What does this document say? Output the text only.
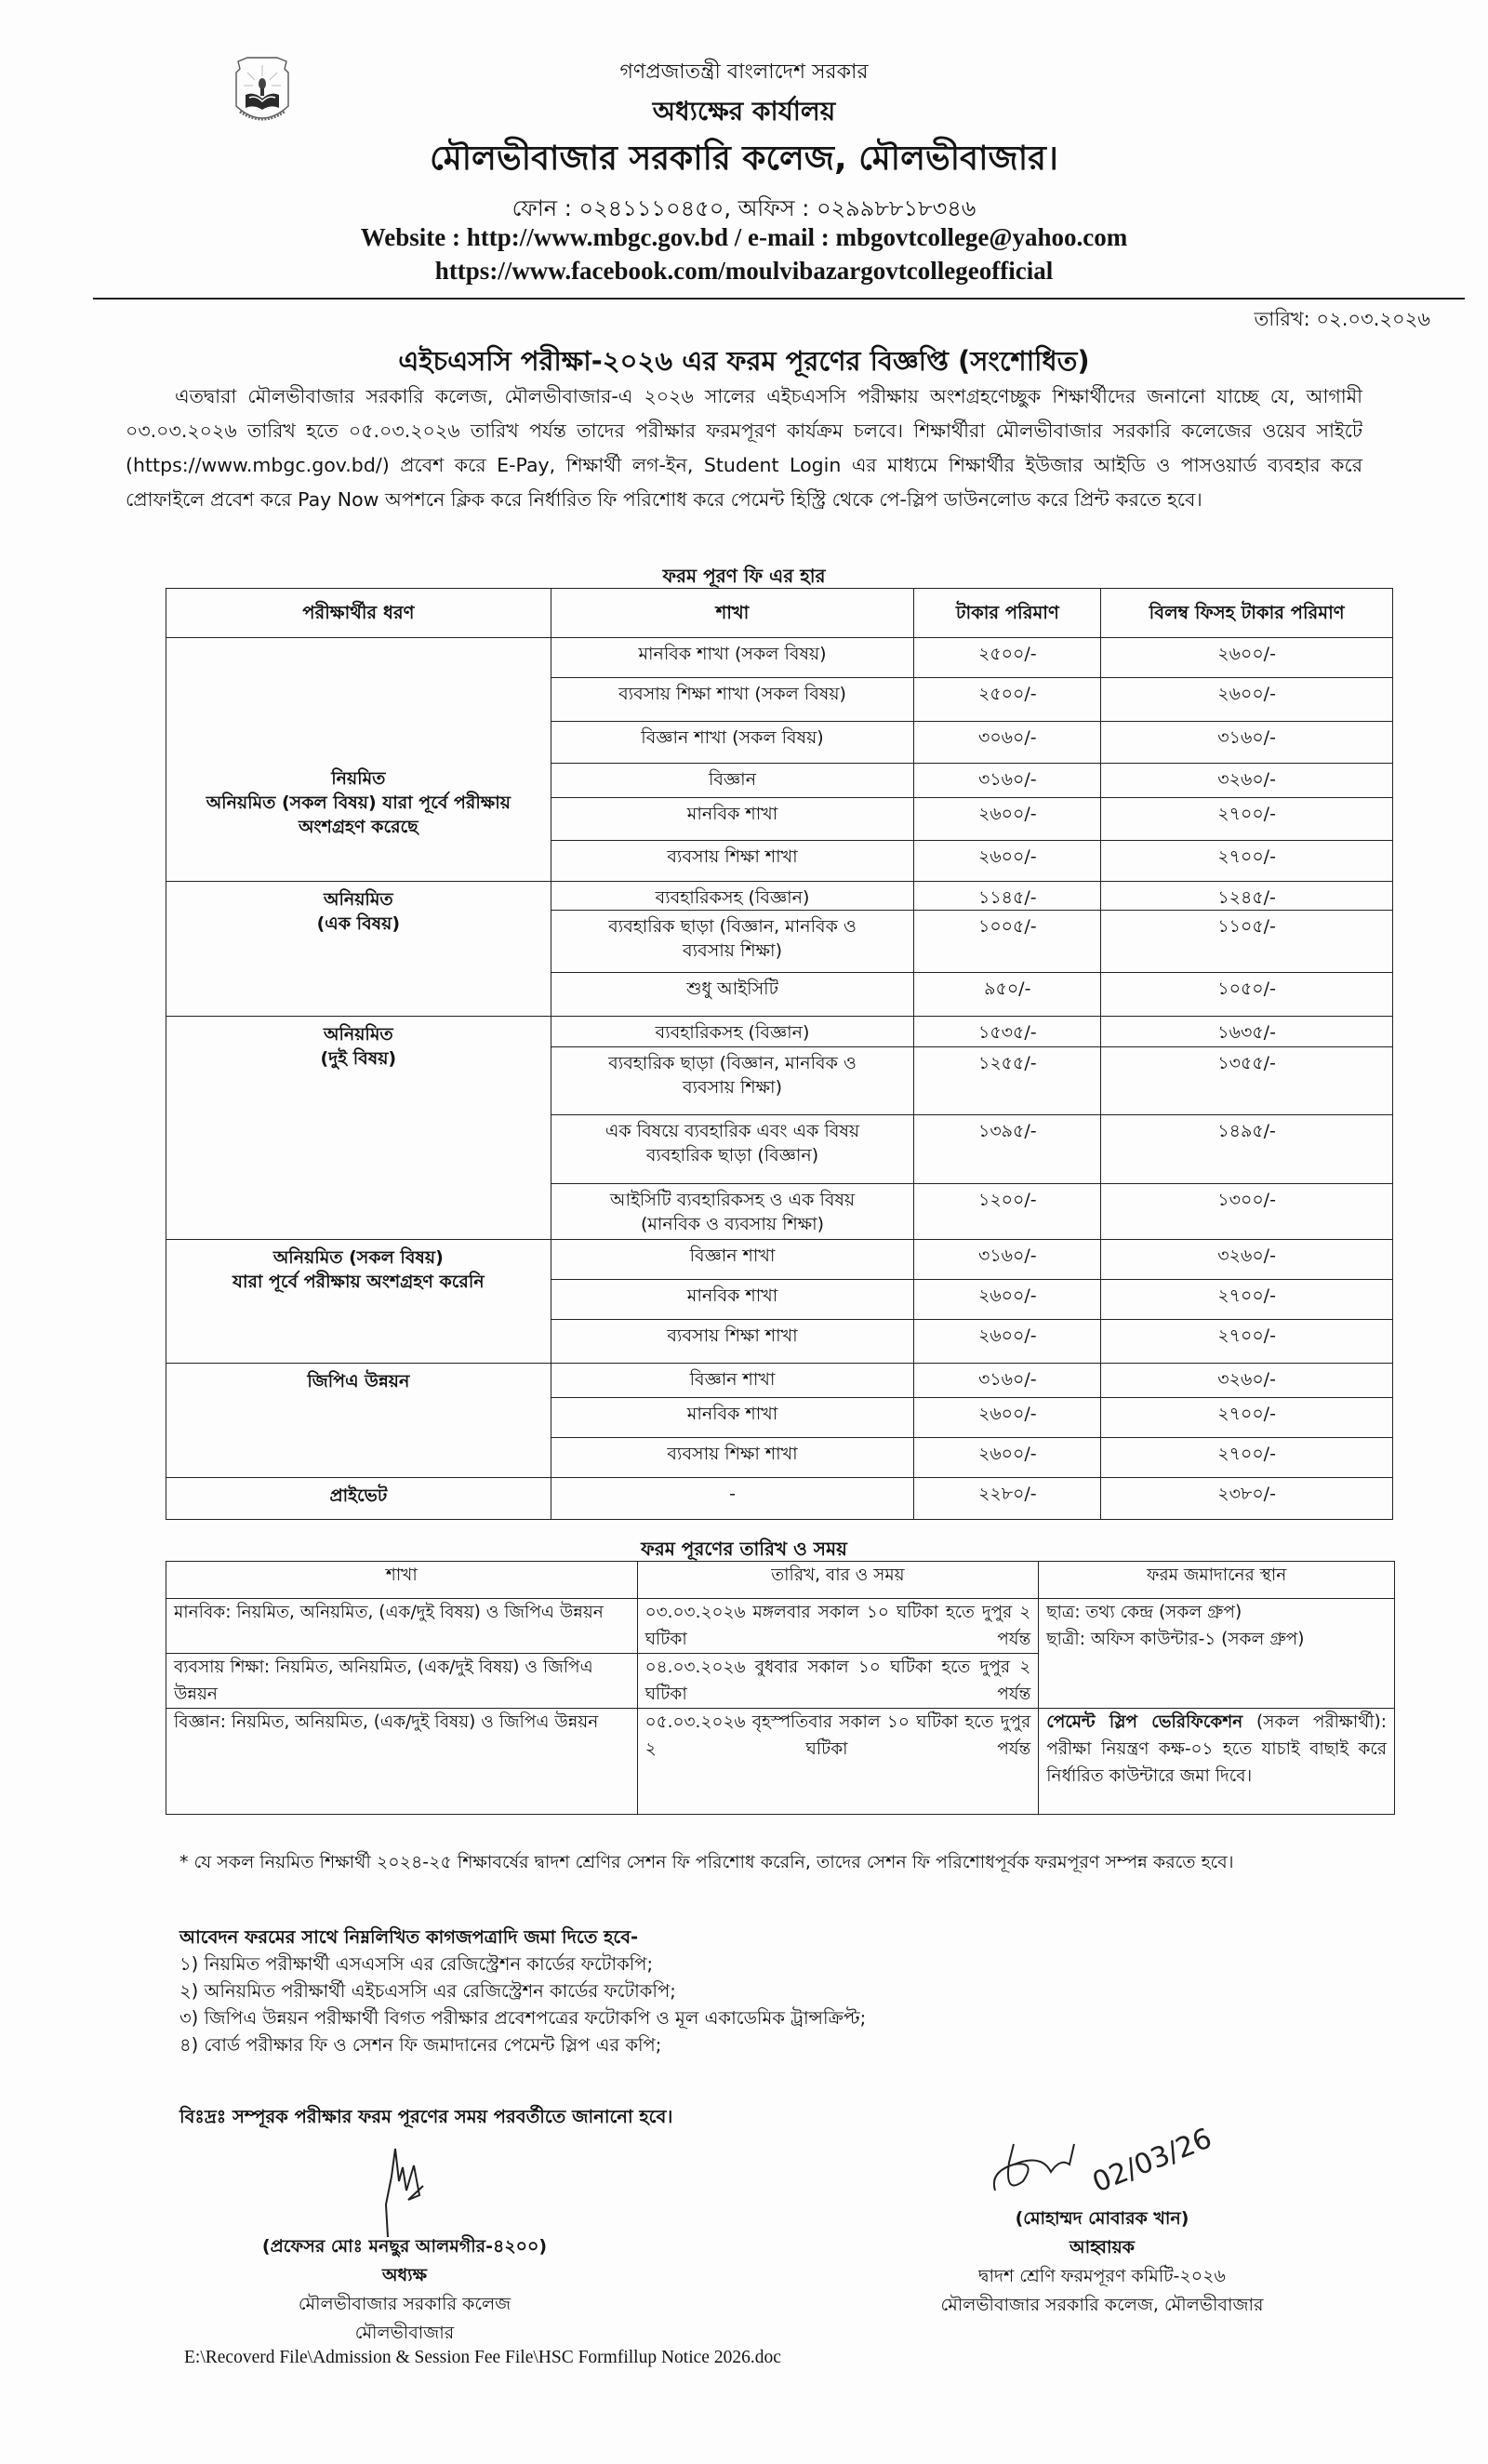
গণপ্রজাতন্ত্রী বাংলাদেশ সরকার
অধ্যক্ষের কার্যালয়
মৌলভীবাজার সরকারি কলেজ, মৌলভীবাজার।
ফোন : ০২৪১১১০৪৫০, অফিস : ০২৯৯৮৮১৮৩৪৬
Website : http://www.mbgc.gov.bd / e-mail : mbgovtcollege@yahoo.com
https://www.facebook.com/moulvibazargovtcollegeofficial
তারিখ: ০২.০৩.২০২৬
এইচএসসি পরীক্ষা-২০২৬ এর ফরম পূরণের বিজ্ঞপ্তি (সংশোধিত)
এতদ্বারা মৌলভীবাজার সরকারি কলেজ, মৌলভীবাজার-এ ২০২৬ সালের এইচএসসি পরীক্ষায় অংশগ্রহণেচ্ছুক শিক্ষার্থীদের জনানো যাচ্ছে যে, আগামী ০৩.০৩.২০২৬ তারিখ হতে ০৫.০৩.২০২৬ তারিখ পর্যন্ত তাদের পরীক্ষার ফরমপূরণ কার্যক্রম চলবে। শিক্ষার্থীরা মৌলভীবাজার সরকারি কলেজের ওয়েব সাইটে (https://www.mbgc.gov.bd/) প্রবেশ করে E-Pay, শিক্ষার্থী লগ-ইন, Student Login এর মাধ্যমে শিক্ষার্থীর ইউজার আইডি ও পাসওয়ার্ড ব্যবহার করে প্রোফাইলে প্রবেশ করে Pay Now অপশনে ক্লিক করে নির্ধারিত ফি পরিশোধ করে পেমেন্ট হিস্ট্রি থেকে পে-স্লিপ ডাউনলোড করে প্রিন্ট করতে হবে।
ফরম পূরণ ফি এর হার
পরীক্ষার্থীর ধরণ	শাখা	টাকার পরিমাণ	বিলম্ব ফিসহ টাকার পরিমাণ

নিয়মিত
অনিয়মিত (সকল বিষয়) যারা পূর্বে পরীক্ষায় অংশগ্রহণ করেছে	মানবিক শাখা (সকল বিষয়)	২৫০০/-	২৬০০/-
	ব্যবসায় শিক্ষা শাখা (সকল বিষয়)	২৫০০/-	২৬০০/-
	বিজ্ঞান শাখা (সকল বিষয়)	৩০৬০/-	৩১৬০/-
	বিজ্ঞান	৩১৬০/-	৩২৬০/-
	মানবিক শাখা	২৬০০/-	২৭০০/-
	ব্যবসায় শিক্ষা শাখা	২৬০০/-	২৭০০/-

অনিয়মিত
(এক বিষয়)	ব্যবহারিকসহ (বিজ্ঞান)	১১৪৫/-	১২৪৫/-
	ব্যবহারিক ছাড়া (বিজ্ঞান, মানবিক ও ব্যবসায় শিক্ষা)	১০০৫/-	১১০৫/-
	শুধু আইসিটি	৯৫০/-	১০৫০/-

অনিয়মিত
(দুই বিষয়)	ব্যবহারিকসহ (বিজ্ঞান)	১৫৩৫/-	১৬৩৫/-
	ব্যবহারিক ছাড়া (বিজ্ঞান, মানবিক ও ব্যবসায় শিক্ষা)	১২৫৫/-	১৩৫৫/-
	এক বিষয়ে ব্যবহারিক এবং এক বিষয় ব্যবহারিক ছাড়া (বিজ্ঞান)	১৩৯৫/-	১৪৯৫/-
	আইসিটি ব্যবহারিকসহ ও এক বিষয় (মানবিক ও ব্যবসায় শিক্ষা)	১২০০/-	১৩০০/-

অনিয়মিত (সকল বিষয়)
যারা পূর্বে পরীক্ষায় অংশগ্রহণ করেনি	বিজ্ঞান শাখা	৩১৬০/-	৩২৬০/-
	মানবিক শাখা	২৬০০/-	২৭০০/-
	ব্যবসায় শিক্ষা শাখা	২৬০০/-	২৭০০/-

জিপিএ উন্নয়ন	বিজ্ঞান শাখা	৩১৬০/-	৩২৬০/-
	মানবিক শাখা	২৬০০/-	২৭০০/-
	ব্যবসায় শিক্ষা শাখা	২৬০০/-	২৭০০/-

প্রাইভেট	-	২২৮০/-	২৩৮০/-
ফরম পূরণের তারিখ ও সময়
শাখা	তারিখ, বার ও সময়	ফরম জমাদানের স্থান
মানবিক: নিয়মিত, অনিয়মিত, (এক/দুই বিষয়) ও জিপিএ উন্নয়ন	০৩.০৩.২০২৬ মঙ্গলবার সকাল ১০ ঘটিকা হতে দুপুর ২ ঘটিকা পর্যন্ত	ছাত্র: তথ্য কেন্দ্র (সকল গ্রুপ)
ছাত্রী: অফিস কাউন্টার-১ (সকল গ্রুপ)

ব্যবসায় শিক্ষা: নিয়মিত, অনিয়মিত, (এক/দুই বিষয়) ও জিপিএ উন্নয়ন	০৪.০৩.২০২৬ বুধবার সকাল ১০ ঘটিকা হতে দুপুর ২ ঘটিকা পর্যন্ত	
বিজ্ঞান: নিয়মিত, অনিয়মিত, (এক/দুই বিষয়) ও জিপিএ উন্নয়ন	০৫.০৩.২০২৬ বৃহস্পতিবার সকাল ১০ ঘটিকা হতে দুপুর ২ ঘটিকা পর্যন্ত	পেমেন্ট স্লিপ ভেরিফিকেশন (সকল পরীক্ষার্থী): পরীক্ষা নিয়ন্ত্রণ কক্ষ-০১ হতে যাচাই বাছাই করে নির্ধারিত কাউন্টারে জমা দিবে।
* যে সকল নিয়মিত শিক্ষার্থী ২০২৪-২৫ শিক্ষাবর্ষের দ্বাদশ শ্রেণির সেশন ফি পরিশোধ করেনি, তাদের সেশন ফি পরিশোধপূর্বক ফরমপূরণ সম্পন্ন করতে হবে।
আবেদন ফরমের সাথে নিম্নলিখিত কাগজপত্রাদি জমা দিতে হবে-
১) নিয়মিত পরীক্ষার্থী এসএসসি এর রেজিস্ট্রেশন কার্ডের ফটোকপি;
২) অনিয়মিত পরীক্ষার্থী এইচএসসি এর রেজিস্ট্রেশন কার্ডের ফটোকপি;
৩) জিপিএ উন্নয়ন পরীক্ষার্থী বিগত পরীক্ষার প্রবেশপত্রের ফটোকপি ও মূল একাডেমিক ট্রান্সক্রিপ্ট;
৪) বোর্ড পরীক্ষার ফি ও সেশন ফি জমাদানের পেমেন্ট স্লিপ এর কপি;
বিঃদ্রঃ সম্পূরক পরীক্ষার ফরম পূরণের সময় পরবর্তীতে জানানো হবে।
(প্রফেসর মোঃ মনছুর আলমগীর-৪২০০)
অধ্যক্ষ
মৌলভীবাজার সরকারি কলেজ
মৌলভীবাজার
02/03/26
(মোহাম্মদ মোবারক খান)
আহ্বায়ক
দ্বাদশ শ্রেণি ফরমপূরণ কমিটি-২০২৬
মৌলভীবাজার সরকারি কলেজ, মৌলভীবাজার
E:\Recoverd File\Admission & Session Fee File\HSC Formfillup Notice 2026.doc
